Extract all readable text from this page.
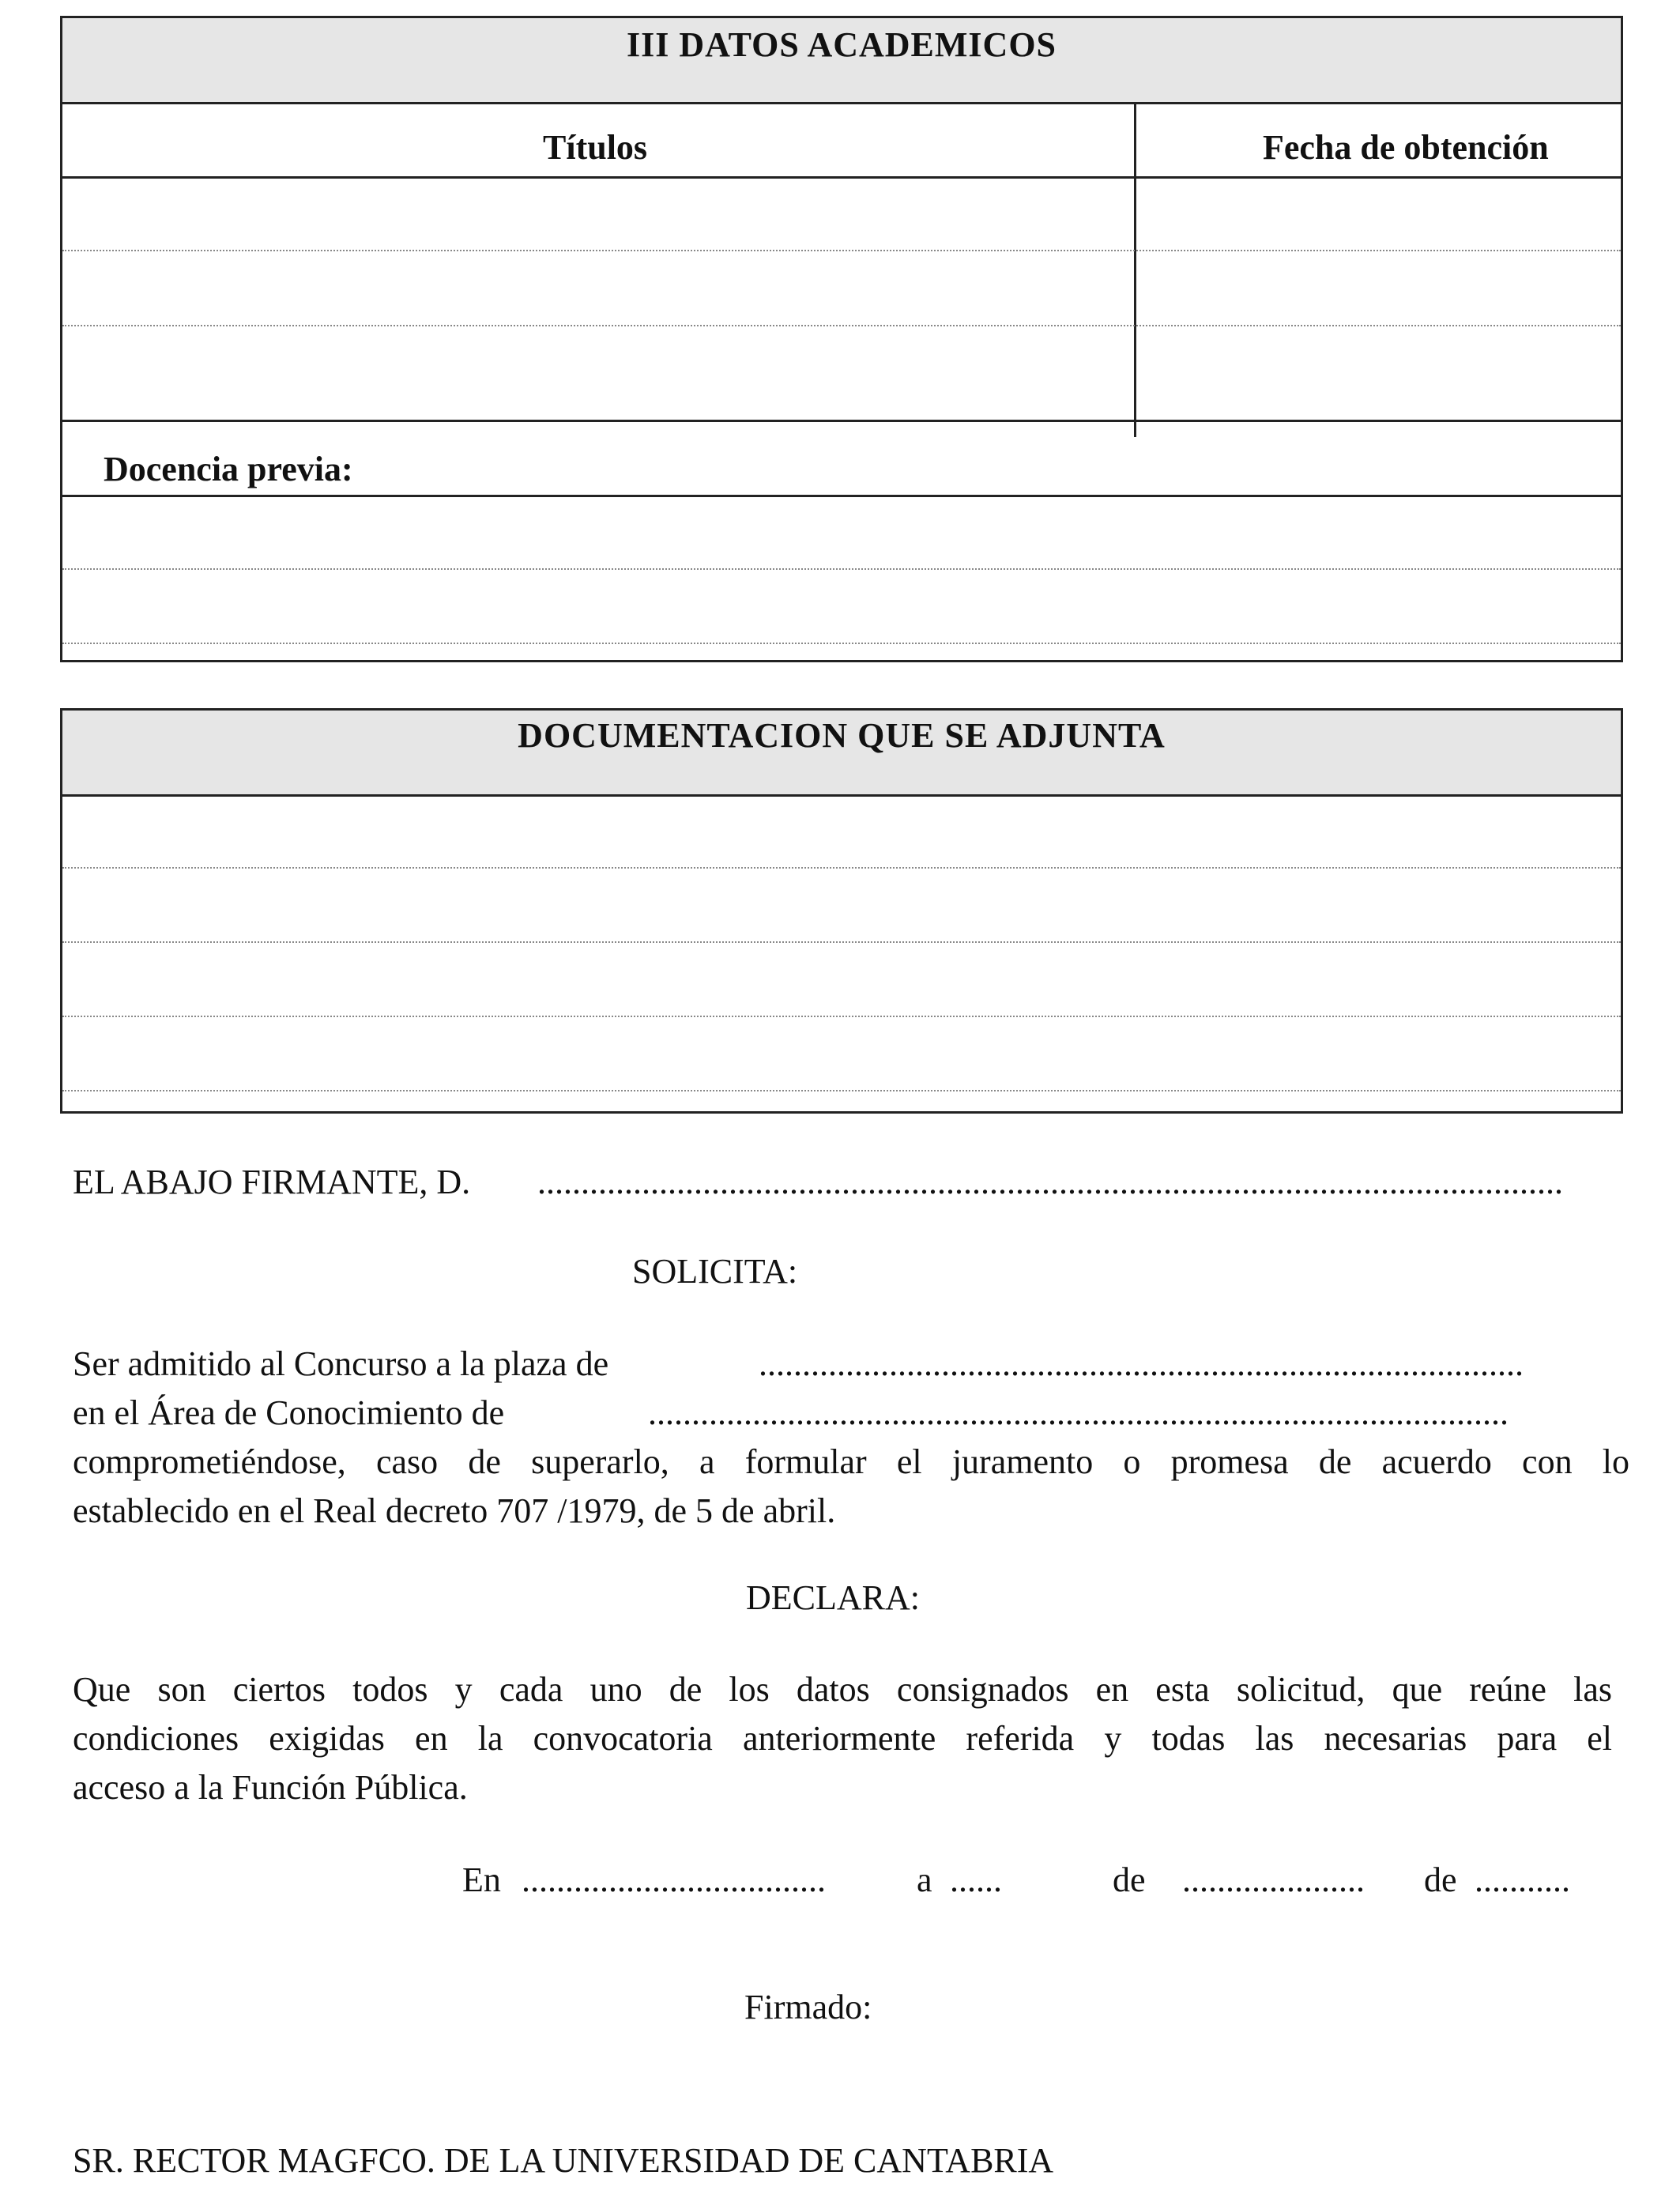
III DATOS ACADEMICOS
Títulos	Fecha de obtención
Docencia previa:
DOCUMENTACION QUE SE ADJUNTA
EL ABAJO FIRMANTE, D. ......................................................................................................................
SOLICITA:
Ser admitido al Concurso a la plaza de	........................................................................................
en el Área de Conocimiento de	...................................................................................................
comprometiéndose, caso de superarlo, a formular el juramento o promesa de acuerdo con lo
establecido en el Real decreto 707 /1979, de 5 de abril.
DECLARA:
Que son ciertos todos y cada uno de los datos consignados en esta solicitud, que reúne las
condiciones exigidas en la convocatoria anteriormente referida y todas las necesarias para el
acceso a la Función Pública.
En ...................................	a ......	de ..................... de ...........
Firmado:
SR. RECTOR MAGFCO. DE LA UNIVERSIDAD DE CANTABRIA
